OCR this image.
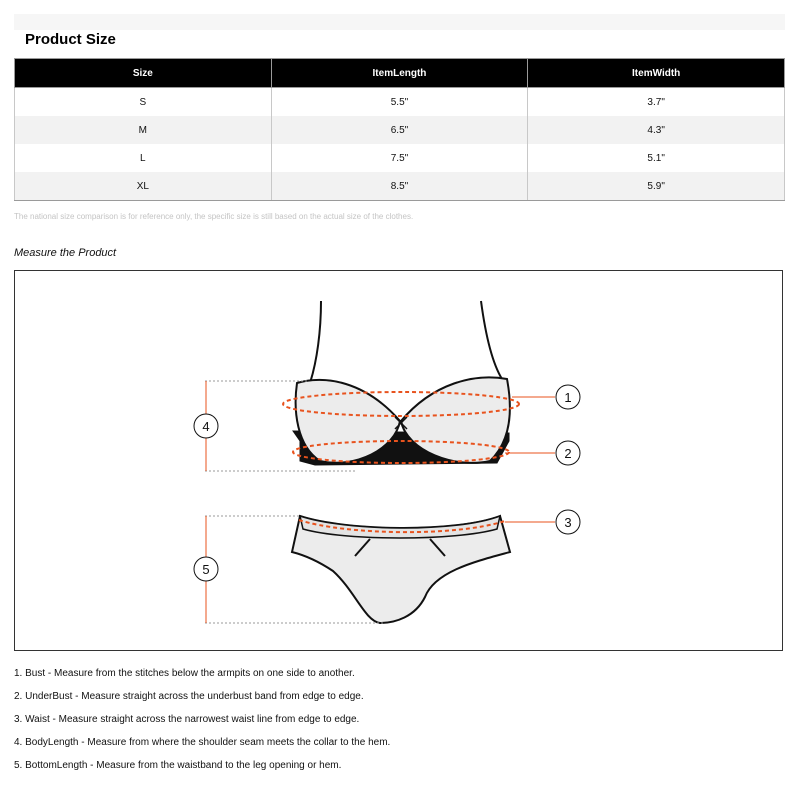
Product Size
Size	ItemLength	ItemWidth
S	5.5"	3.7"
M	6.5"	4.3"
L	7.5"	5.1"
XL	8.5"	5.9"
The national size comparison is for reference only, the specific size is still based on the actual size of the clothes.
Measure the Product
1
2
4
3
5
1. Bust - Measure from the stitches below the armpits on one side to another.
2. UnderBust - Measure straight across the underbust band from edge to edge.
3. Waist - Measure straight across the narrowest waist line from edge to edge.
4. BodyLength - Measure from where the shoulder seam meets the collar to the hem.
5. BottomLength - Measure from the waistband to the leg opening or hem.
